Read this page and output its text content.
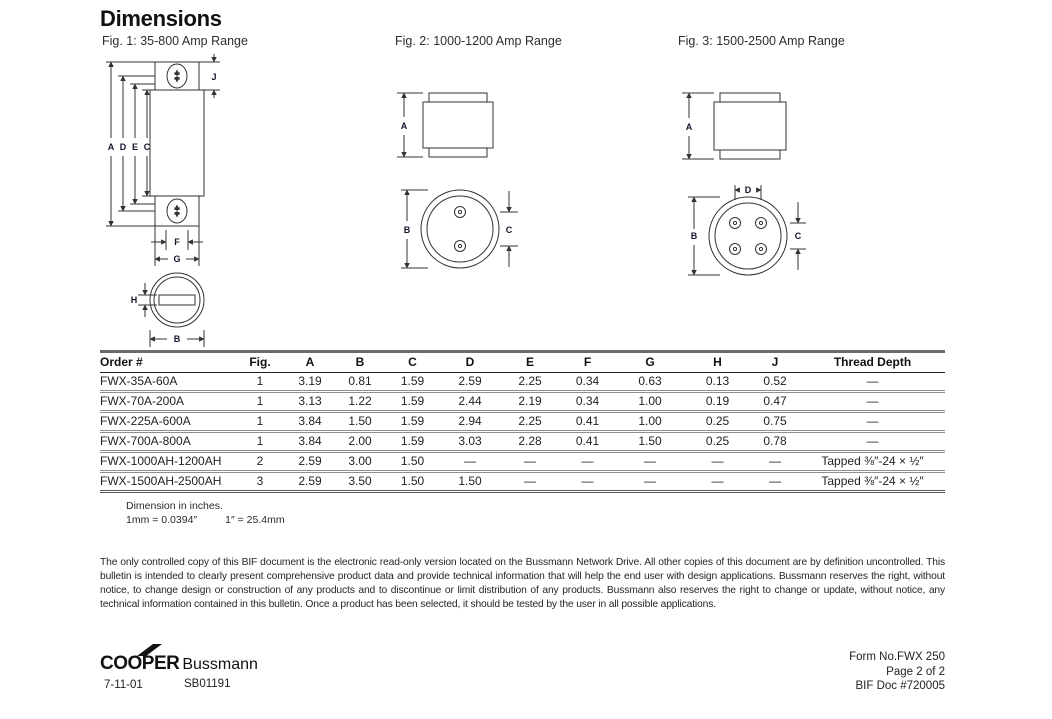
Dimensions
Fig. 1: 35-800 Amp Range	Fig. 2: 1000-1200 Amp Range	Fig. 3: 1500-2500 Amp Range
A D E C
J
F
G
H
B
A
B	C
A
D
B	C
Order #	Fig.	A	B	C	D	E	F	G	H	J	Thread Depth
FWX-35A-60A	1	3.19	0.81	1.59	2.59	2.25	0.34	0.63	0.13	0.52	—
FWX-70A-200A	1	3.13	1.22	1.59	2.44	2.19	0.34	1.00	0.19	0.47	—
FWX-225A-600A	1	3.84	1.50	1.59	2.94	2.25	0.41	1.00	0.25	0.75	—
FWX-700A-800A	1	3.84	2.00	1.59	3.03	2.28	0.41	1.50	0.25	0.78	—
FWX-1000AH-1200AH	2	2.59	3.00	1.50	—	—	—	—	—	—	Tapped ⅜″-24 × ½″
FWX-1500AH-2500AH	3	2.59	3.50	1.50	1.50	—	—	—	—	—	Tapped ⅜″-24 × ½″
Dimension in inches.
1mm = 0.0394″	1″ = 25.4mm
The only controlled copy of this BIF document is the electronic read-only version located on the Bussmann Network Drive. All other copies of this document are by definition uncontrolled. This bulletin is intended to clearly present comprehensive product data and provide technical information that will help the end user with design applications. Bussmann reserves the right, without notice, to change design or construction of any products and to discontinue or limit distribution of any products. Bussmann also reserves the right to change or update, without notice, any technical information contained in this bulletin. Once a product has been selected, it should be tested by the user in all possible applications.
COOPER Bussmann
7-11-01	SB01191
Form No.FWX 250
Page 2 of 2
BIF Doc #720005
